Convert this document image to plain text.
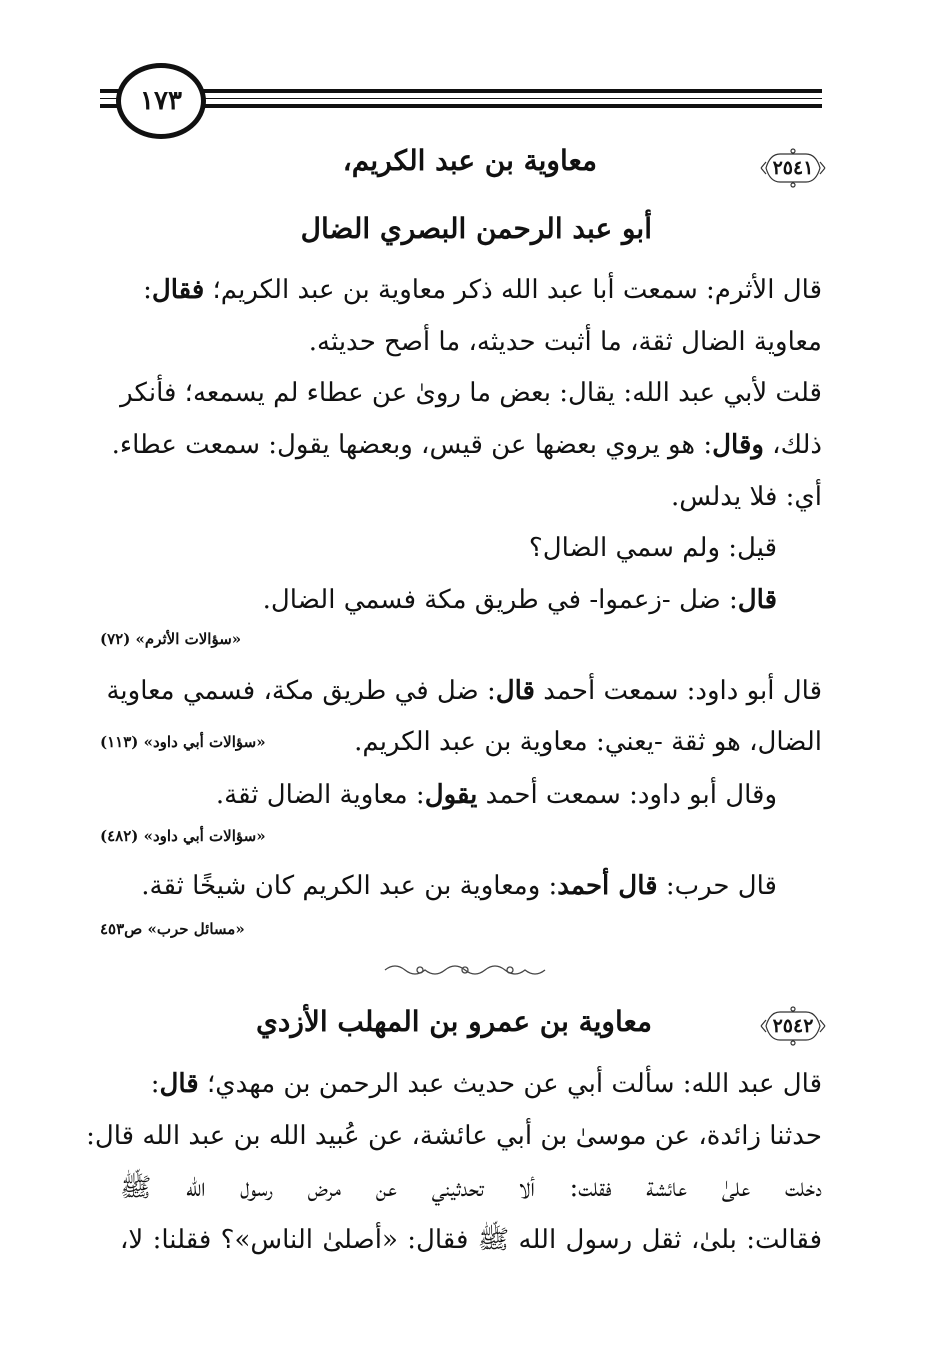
١٧٣
٢٥٤١
معاوية بن عبد الكريم،
أبو عبد الرحمن البصري الضال
قال الأثرم: سمعت أبا عبد الله ذكر معاوية بن عبد الكريم؛ فقال:
معاوية الضال ثقة، ما أثبت حديثه، ما أصح حديثه.
قلت لأبي عبد الله: يقال: بعض ما روىٰ عن عطاء لم يسمعه؛ فأنكر
ذلك، وقال: هو يروي بعضها عن قيس، وبعضها يقول: سمعت عطاء.
أي: فلا يدلس.
قيل: ولم سمي الضال؟
قال: ضل -زعموا- في طريق مكة فسمي الضال.
«سؤالات الأثرم» (٧٢)
قال أبو داود: سمعت أحمد قال: ضل في طريق مكة، فسمي معاوية
الضال، هو ثقة -يعني: معاوية بن عبد الكريم.
«سؤالات أبي داود» (١١٣)
وقال أبو داود: سمعت أحمد يقول: معاوية الضال ثقة.
«سؤالات أبي داود» (٤٨٢)
قال حرب: قال أحمد: ومعاوية بن عبد الكريم كان شيخًا ثقة.
«مسائل حرب» ص٤٥٣
٢٥٤٢
معاوية بن عمرو بن المهلب الأزدي
قال عبد الله: سألت أبي عن حديث عبد الرحمن بن مهدي؛ قال:
حدثنا زائدة، عن موسىٰ بن أبي عائشة، عن عُبيد الله بن عبد الله قال:
دخلت علىٰ عائشة فقلت: ألا تحدثيني عن مرض رسول الله ﷺ
فقالت: بلىٰ، ثقل رسول الله ﷺ فقال: «أصلىٰ الناس»؟ فقلنا: لا،
